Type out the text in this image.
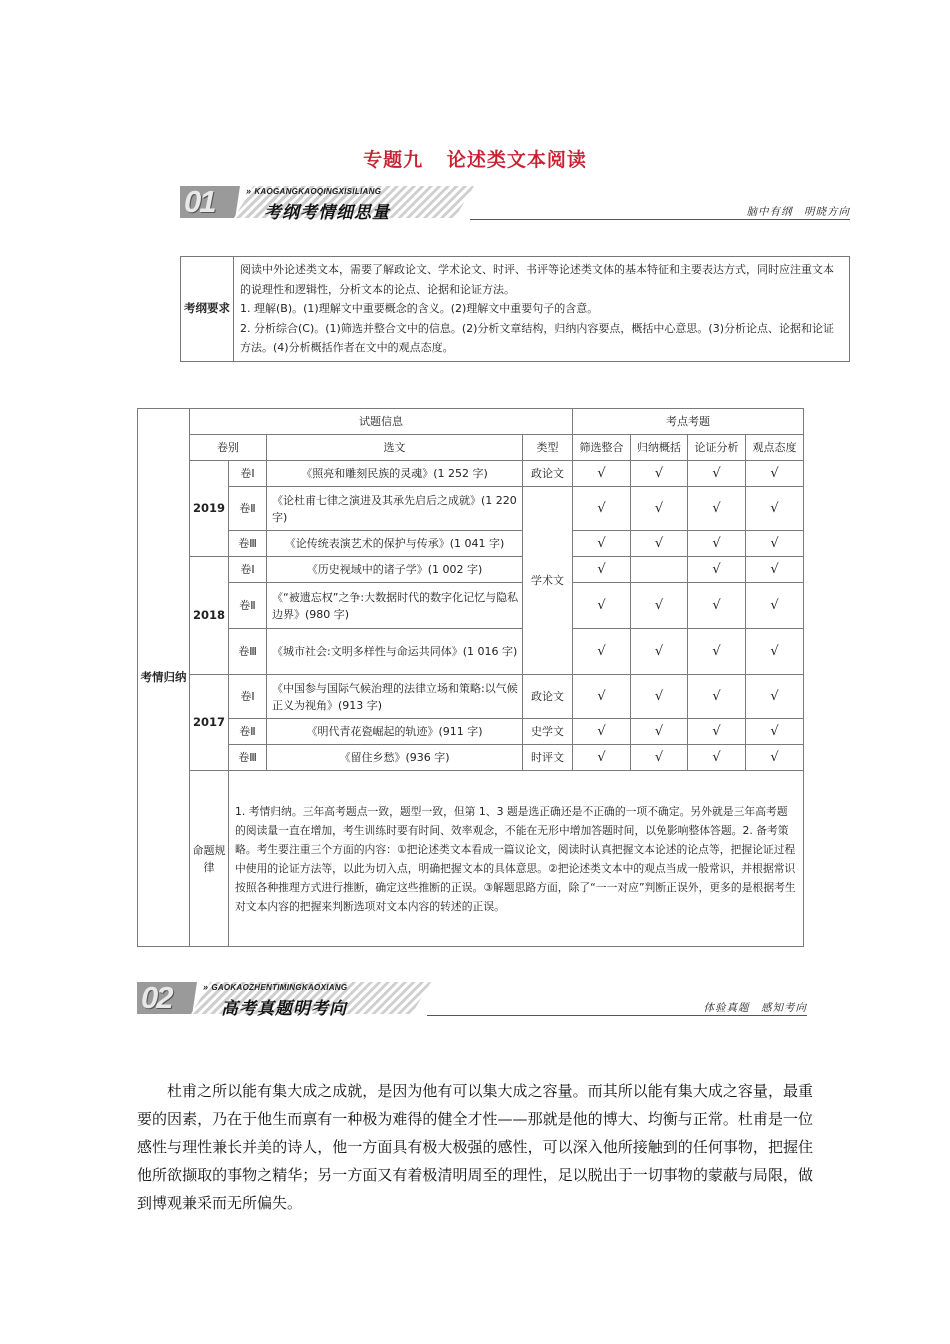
专题九 论述类文本阅读
01	» KAOGANGKAOQINGXISILIANG
考纲考情细思量	脑中有纲　明晓方向
考纲要求	
阅读中外论述类文本，需要了解政论文、学术论文、时评、书评等论述类文体的基本特征和主要表达方式，同时应注重文本的说理性和逻辑性，分析文本的论点、论据和论证方法。
1. 理解(B)。(1)理解文中重要概念的含义。(2)理解文中重要句子的含意。
2. 分析综合(C)。(1)筛选并整合文中的信息。(2)分析文章结构，归纳内容要点，概括中心意思。(3)分析论点、论据和论证方法。(4)分析概括作者在文中的观点态度。
考情归纳	试题信息				考点考题			
	卷别		选文	类型	筛选整合	归纳概括	论证分析	观点态度
	2019	卷Ⅰ	《照亮和雕刻民族的灵魂》(1 252 字)	政论文	√	√	√	√
		卷Ⅱ	《论杜甫七律之演进及其承先启后之成就》(1 220 字)	学术文	√	√	√	√
		卷Ⅲ	《论传统表演艺术的保护与传承》(1 041 字)		√	√	√	√
	2018	卷Ⅰ	《历史视域中的诸子学》(1 002 字)		√		√	√
		卷Ⅱ	《“被遗忘权”之争:大数据时代的数字化记忆与隐私边界》(980 字)		√	√	√	√
		卷Ⅲ	《城市社会:文明多样性与命运共同体》(1 016 字)		√	√	√	√
	2017	卷Ⅰ	《中国参与国际气候治理的法律立场和策略:以气候正义为视角》(913 字)	政论文	√	√	√	√
		卷Ⅱ	《明代青花瓷崛起的轨迹》(911 字)	史学文	√	√	√	√
		卷Ⅲ	《留住乡愁》(936 字)	时评文	√	√	√	√
	命题规律	1. 考情归纳。三年高考题点一致，题型一致，但第 1、3 题是选正确还是不正确的一项不确定。另外就是三年高考题的阅读量一直在增加，考生训练时要有时间、效率观念，不能在无形中增加答题时间，以免影响整体答题。2. 备考策略。考生要注重三个方面的内容：①把论述类文本看成一篇议论文，阅读时认真把握文本论述的论点等，把握论证过程中使用的论证方法等，以此为切入点，明确把握文本的具体意思。②把论述类文本中的观点当成一般常识，并根据常识按照各种推理方式进行推断，确定这些推断的正误。③解题思路方面，除了“一一对应”判断正误外，更多的是根据考生对文本内容的把握来判断选项对文本内容的转述的正误。						
02	» GAOKAOZHENTIMINGKAOXIANG
高考真题明考向	体验真题　感知考向

杜甫之所以能有集大成之成就，是因为他有可以集大成之容量。而其所以能有集大成之容量，最重要的因素，乃在于他生而禀有一种极为难得的健全才性——那就是他的博大、均衡与正常。杜甫是一位感性与理性兼长并美的诗人，他一方面具有极大极强的感性，可以深入他所接触到的任何事物，把握住他所欲撷取的事物之精华；另一方面又有着极清明周至的理性，足以脱出于一切事物的蒙蔽与局限，做到博观兼采而无所偏失。
